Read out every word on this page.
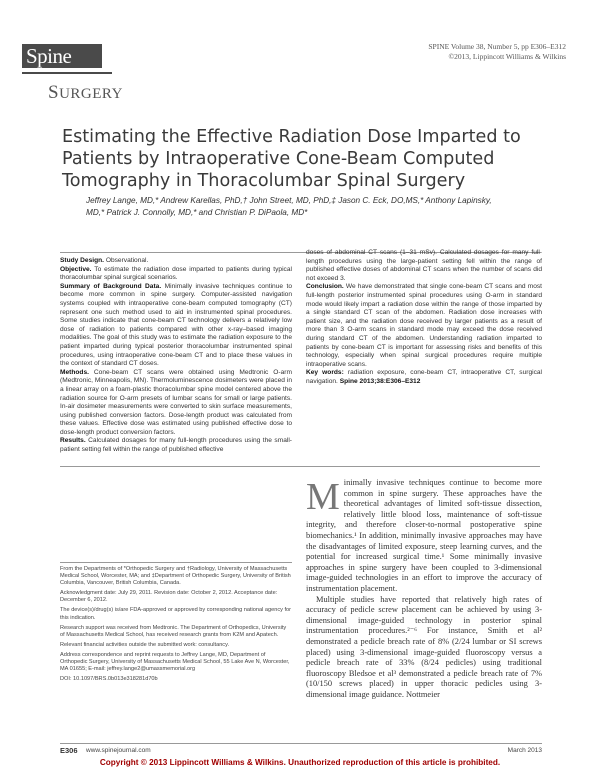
Spine
SURGERY
SPINE Volume 38, Number 5, pp E306–E312
©2013, Lippincott Williams & Wilkins
Estimating the Effective Radiation Dose Imparted to Patients by Intraoperative Cone-Beam Computed Tomography in Thoracolumbar Spinal Surgery
Jeffrey Lange, MD,* Andrew Karellas, PhD,† John Street, MD, PhD,‡ Jason C. Eck, DO,MS,* Anthony Lapinsky, MD,* Patrick J. Connolly, MD,* and Christian P. DiPaola, MD*
Study Design. Observational.
Objective. To estimate the radiation dose imparted to patients during typical thoracolumbar spinal surgical scenarios.
Summary of Background Data. Minimally invasive techniques continue to become more common in spine surgery. Computer-assisted navigation systems coupled with intraoperative cone-beam computed tomography (CT) represent one such method used to aid in instrumented spinal procedures. Some studies indicate that cone-beam CT technology delivers a relatively low dose of radiation to patients compared with other x-ray–based imaging modalities. The goal of this study was to estimate the radiation exposure to the patient imparted during typical posterior thoracolumbar instrumented spinal procedures, using intraoperative cone-beam CT and to place these values in the context of standard CT doses.
Methods. Cone-beam CT scans were obtained using Medtronic O-arm (Medtronic, Minneapolis, MN). Thermoluminescence dosimeters were placed in a linear array on a foam-plastic thoracolumbar spine model centered above the radiation source for O-arm presets of lumbar scans for small or large patients. In-air dosimeter measurements were converted to skin surface measurements, using published conversion factors. Dose-length product was calculated from these values. Effective dose was estimated using published effective dose to dose-length product conversion factors.
Results. Calculated dosages for many full-length procedures using the small-patient setting fell within the range of published effective
doses of abdominal CT scans (1–31 mSv). Calculated dosages for many full-length procedures using the large-patient setting fell within the range of published effective doses of abdominal CT scans when the number of scans did not exceed 3.
Conclusion. We have demonstrated that single cone-beam CT scans and most full-length posterior instrumented spinal procedures using O-arm in standard mode would likely impart a radiation dose within the range of those imparted by a single standard CT scan of the abdomen. Radiation dose increases with patient size, and the radiation dose received by larger patients as a result of more than 3 O-arm scans in standard mode may exceed the dose received during standard CT of the abdomen. Understanding radiation imparted to patients by cone-beam CT is important for assessing risks and benefits of this technology, especially when spinal surgical procedures require multiple intraoperative scans.
Key words: radiation exposure, cone-beam CT, intraoperative CT, surgical navigation. Spine 2013;38:E306–E312

Minimally invasive techniques continue to become more common in spine surgery. These approaches have the theoretical advantages of limited soft-tissue dissection, relatively little blood loss, maintenance of soft-tissue integrity, and therefore closer-to-normal postoperative spine biomechanics.¹ In addition, minimally invasive approaches may have the disadvantages of limited exposure, steep learning curves, and the potential for increased surgical time.¹ Some minimally invasive approaches in spine surgery have been coupled to 3-dimensional image-guided technologies in an effort to improve the accuracy of instrumentation placement.

Multiple studies have reported that relatively high rates of accuracy of pedicle screw placement can be achieved by using 3-dimensional image-guided technology in posterior spinal instrumentation procedures.²⁻⁶ For instance, Smith et al² demonstrated a pedicle breach rate of 8% (2/24 lumbar or SI screws placed) using 3-dimensional image-guided fluoroscopy versus a pedicle breach rate of 33% (8/24 pedicles) using traditional fluoroscopy Bledsoe et al³ demonstrated a pedicle breach rate of 7% (10/150 screws placed) in upper thoracic pedicles using 3-dimensional image guidance. Nottmeier

From the Departments of *Orthopedic Surgery and †Radiology, University of Massachusetts Medical School, Worcester, MA; and ‡Department of Orthopedic Surgery, University of British Columbia, Vancouver, British Columbia, Canada.

Acknowledgment date: July 29, 2011. Revision date: October 2, 2012. Acceptance date: December 6, 2012.

The device(s)/drug(s) is/are FDA-approved or approved by corresponding national agency for this indication.

Research support was received from Medtronic. The Department of Orthopedics, University of Massachusetts Medical School, has received research grants from K2M and Apatech.

Relevant financial activities outside the submitted work: consultancy.

Address correspondence and reprint requests to Jeffrey Lange, MD, Department of Orthopedic Surgery, University of Massachusetts Medical School, 55 Lake Ave N, Worcester, MA 01655; E-mail: jeffrey.lange2@umassmemorial.org

DOI: 10.1097/BRS.0b013e318281d70b

E306 www.spinejournal.com	March 2013
Copyright © 2013 Lippincott Williams & Wilkins. Unauthorized reproduction of this article is prohibited.
